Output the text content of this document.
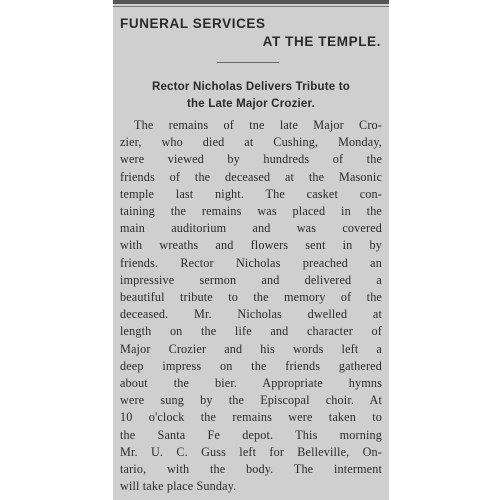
FUNERAL SERVICES
AT THE TEMPLE.
Rector Nicholas Delivers Tribute to
the Late Major Crozier.
The remains of tne late Major Cro-
zier, who died at Cushing, Monday,
were viewed by hundreds of the
friends of the deceased at the Masonic
temple last night. The casket con-
taining the remains was placed in the
main auditorium and was covered
with wreaths and flowers sent in by
friends. Rector Nicholas preached an
impressive sermon and delivered a
beautiful tribute to the memory of the
deceased. Mr. Nicholas dwelled at
length on the life and character of
Major Crozier and his words left a
deep impress on the friends gathered
about the bier. Appropriate hymns
were sung by the Episcopal choir. At
10 o'clock the remains were taken to
the Santa Fe depot. This morning
Mr. U. C. Guss left for Belleville, On-
tario, with the body. The interment
will take place Sunday.
